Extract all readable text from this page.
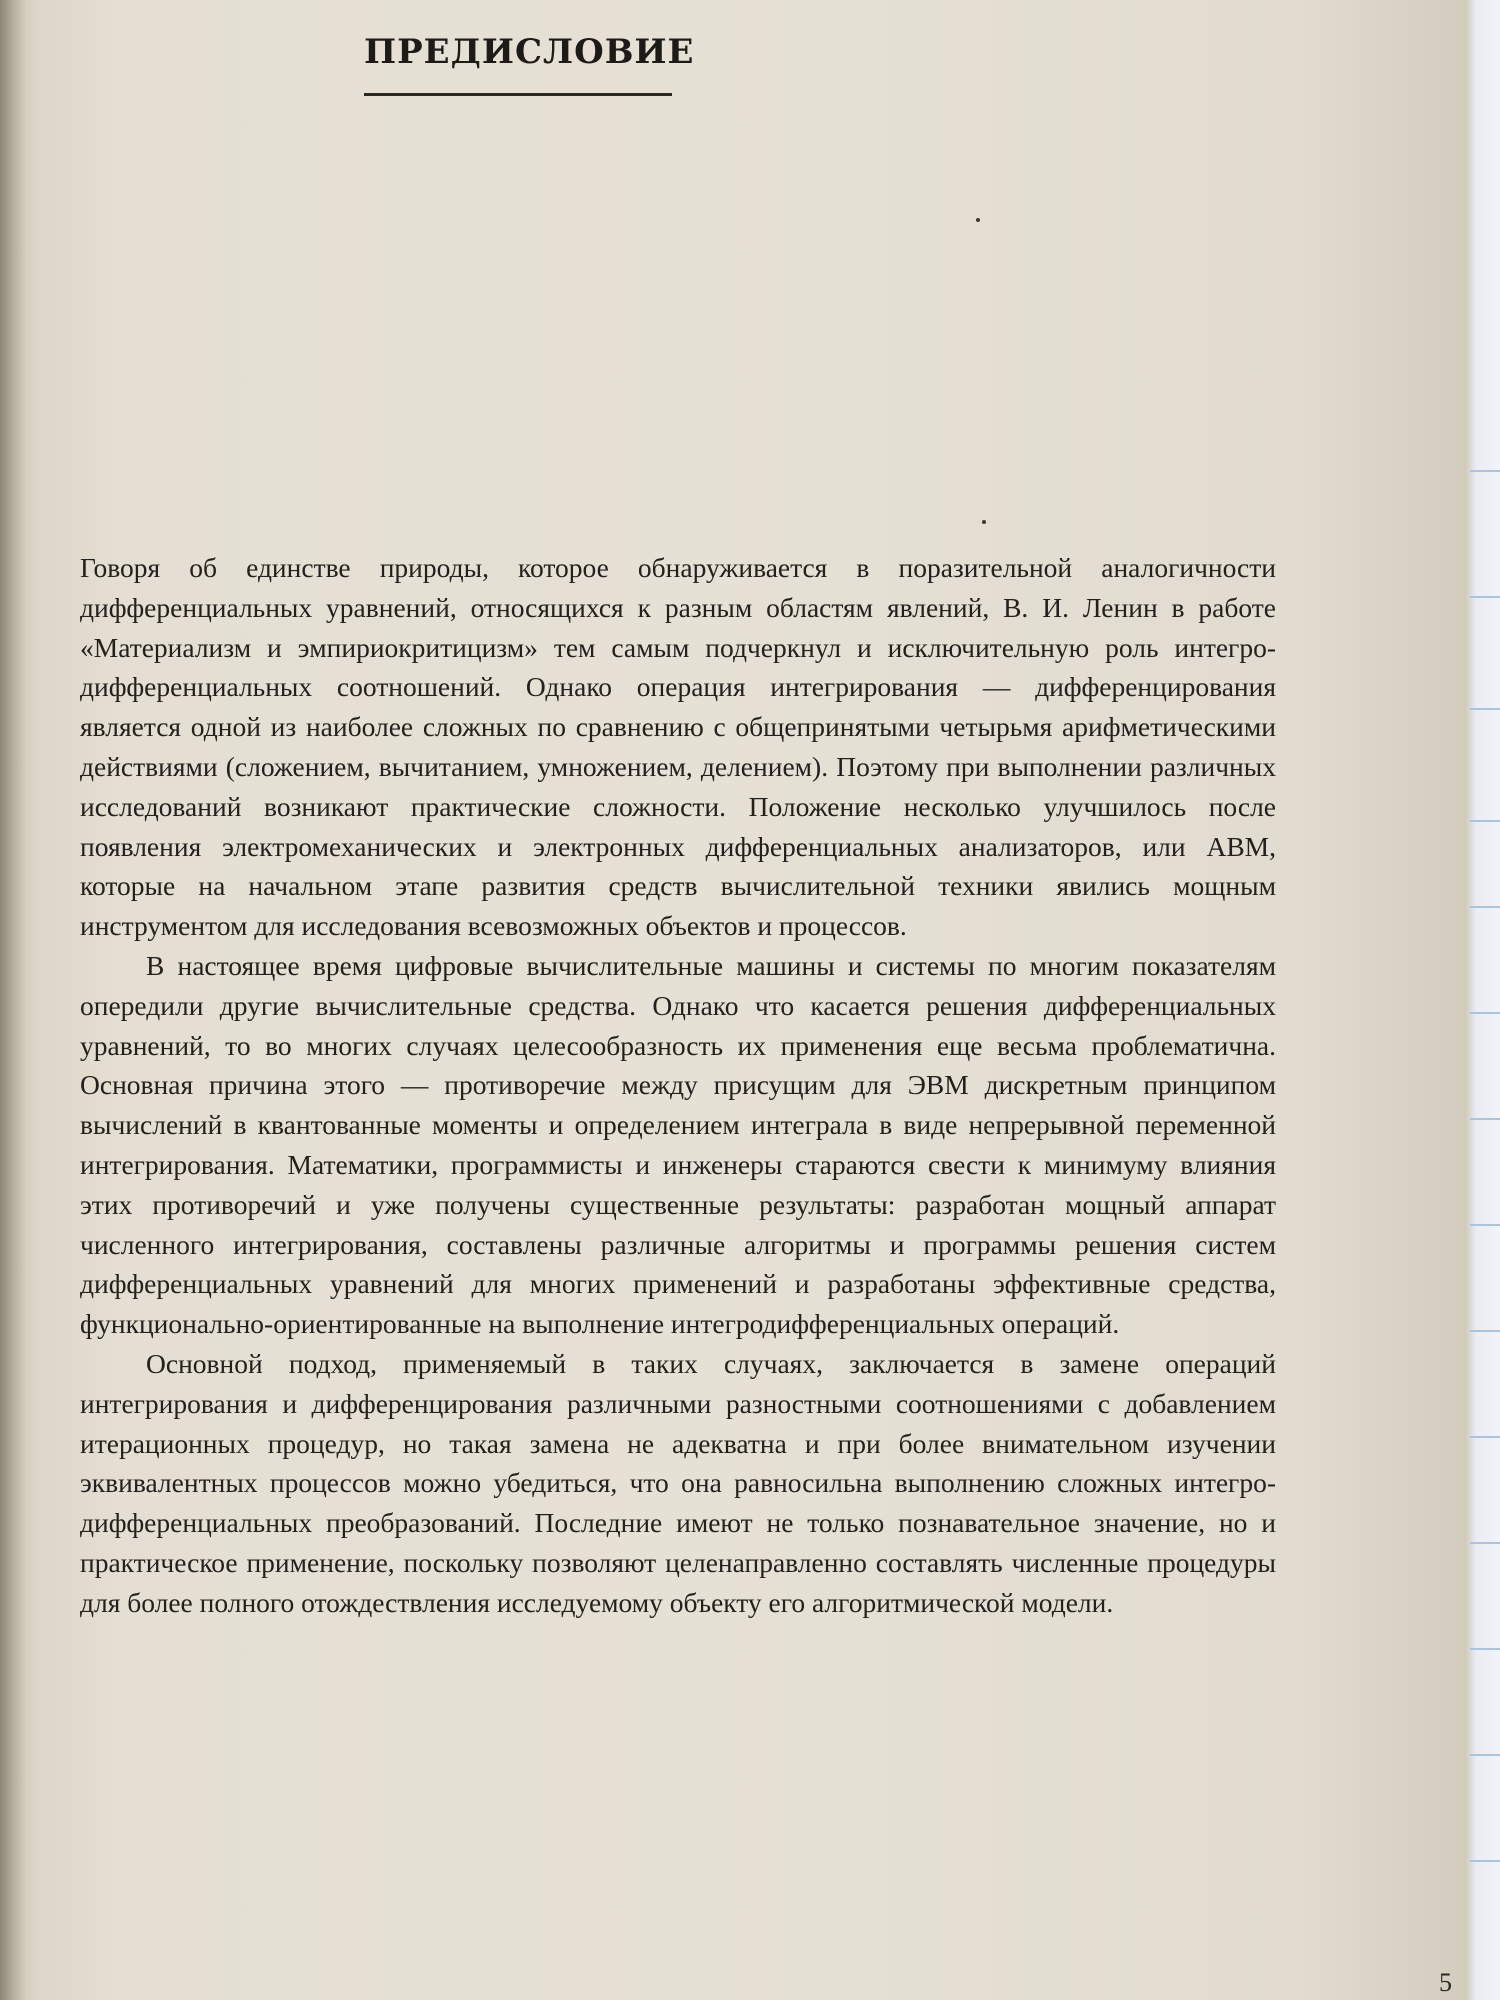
ПРЕДИСЛОВИЕ

Говоря об единстве природы, которое обнаруживается в поразительной аналогичности дифференциальных уравнений, относящихся к разным областям явлений, В. И. Ленин в работе «Материализм и эмпириокритицизм» тем самым подчеркнул и исключительную роль интегро-дифференциальных соотношений. Однако операция интегрирования — дифференцирования является одной из наиболее сложных по сравнению с общепринятыми четырьмя арифметическими действиями (сложением, вычитанием, умножением, делением). Поэтому при выполнении различных исследований возникают практические сложности. Положение несколько улучшилось после появления электромеханических и электронных дифференциальных анализаторов, или АВМ, которые на начальном этапе развития средств вычислительной техники явились мощным инструментом для исследования всевозможных объектов и процессов.

В настоящее время цифровые вычислительные машины и системы по многим показателям опередили другие вычислительные средства. Однако что касается решения дифференциальных уравнений, то во многих случаях целесообразность их применения еще весьма проблематична. Основная причина этого — противоречие между присущим для ЭВМ дискретным принципом вычислений в квантованные моменты и определением интеграла в виде непрерывной переменной интегрирования. Математики, программисты и инженеры стараются свести к минимуму влияния этих противоречий и уже получены существенные результаты: разработан мощный аппарат численного интегрирования, составлены различные алгоритмы и программы решения систем дифференциальных уравнений для многих применений и разработаны эффективные средства, функционально-ориентированные на выполнение интегродифференциальных операций.

Основной подход, применяемый в таких случаях, заключается в замене операций интегрирования и дифференцирования различными разностными соотношениями с добавлением итерационных процедур, но такая замена не адекватна и при более внимательном изучении эквивалентных процессов можно убедиться, что она равносильна выполнению сложных интегро-дифференциальных преобразований. Последние имеют не только познавательное значение, но и практическое применение, поскольку позволяют целенаправленно составлять численные процедуры для более полного отождествления исследуемому объекту его алгоритмической модели.

5
